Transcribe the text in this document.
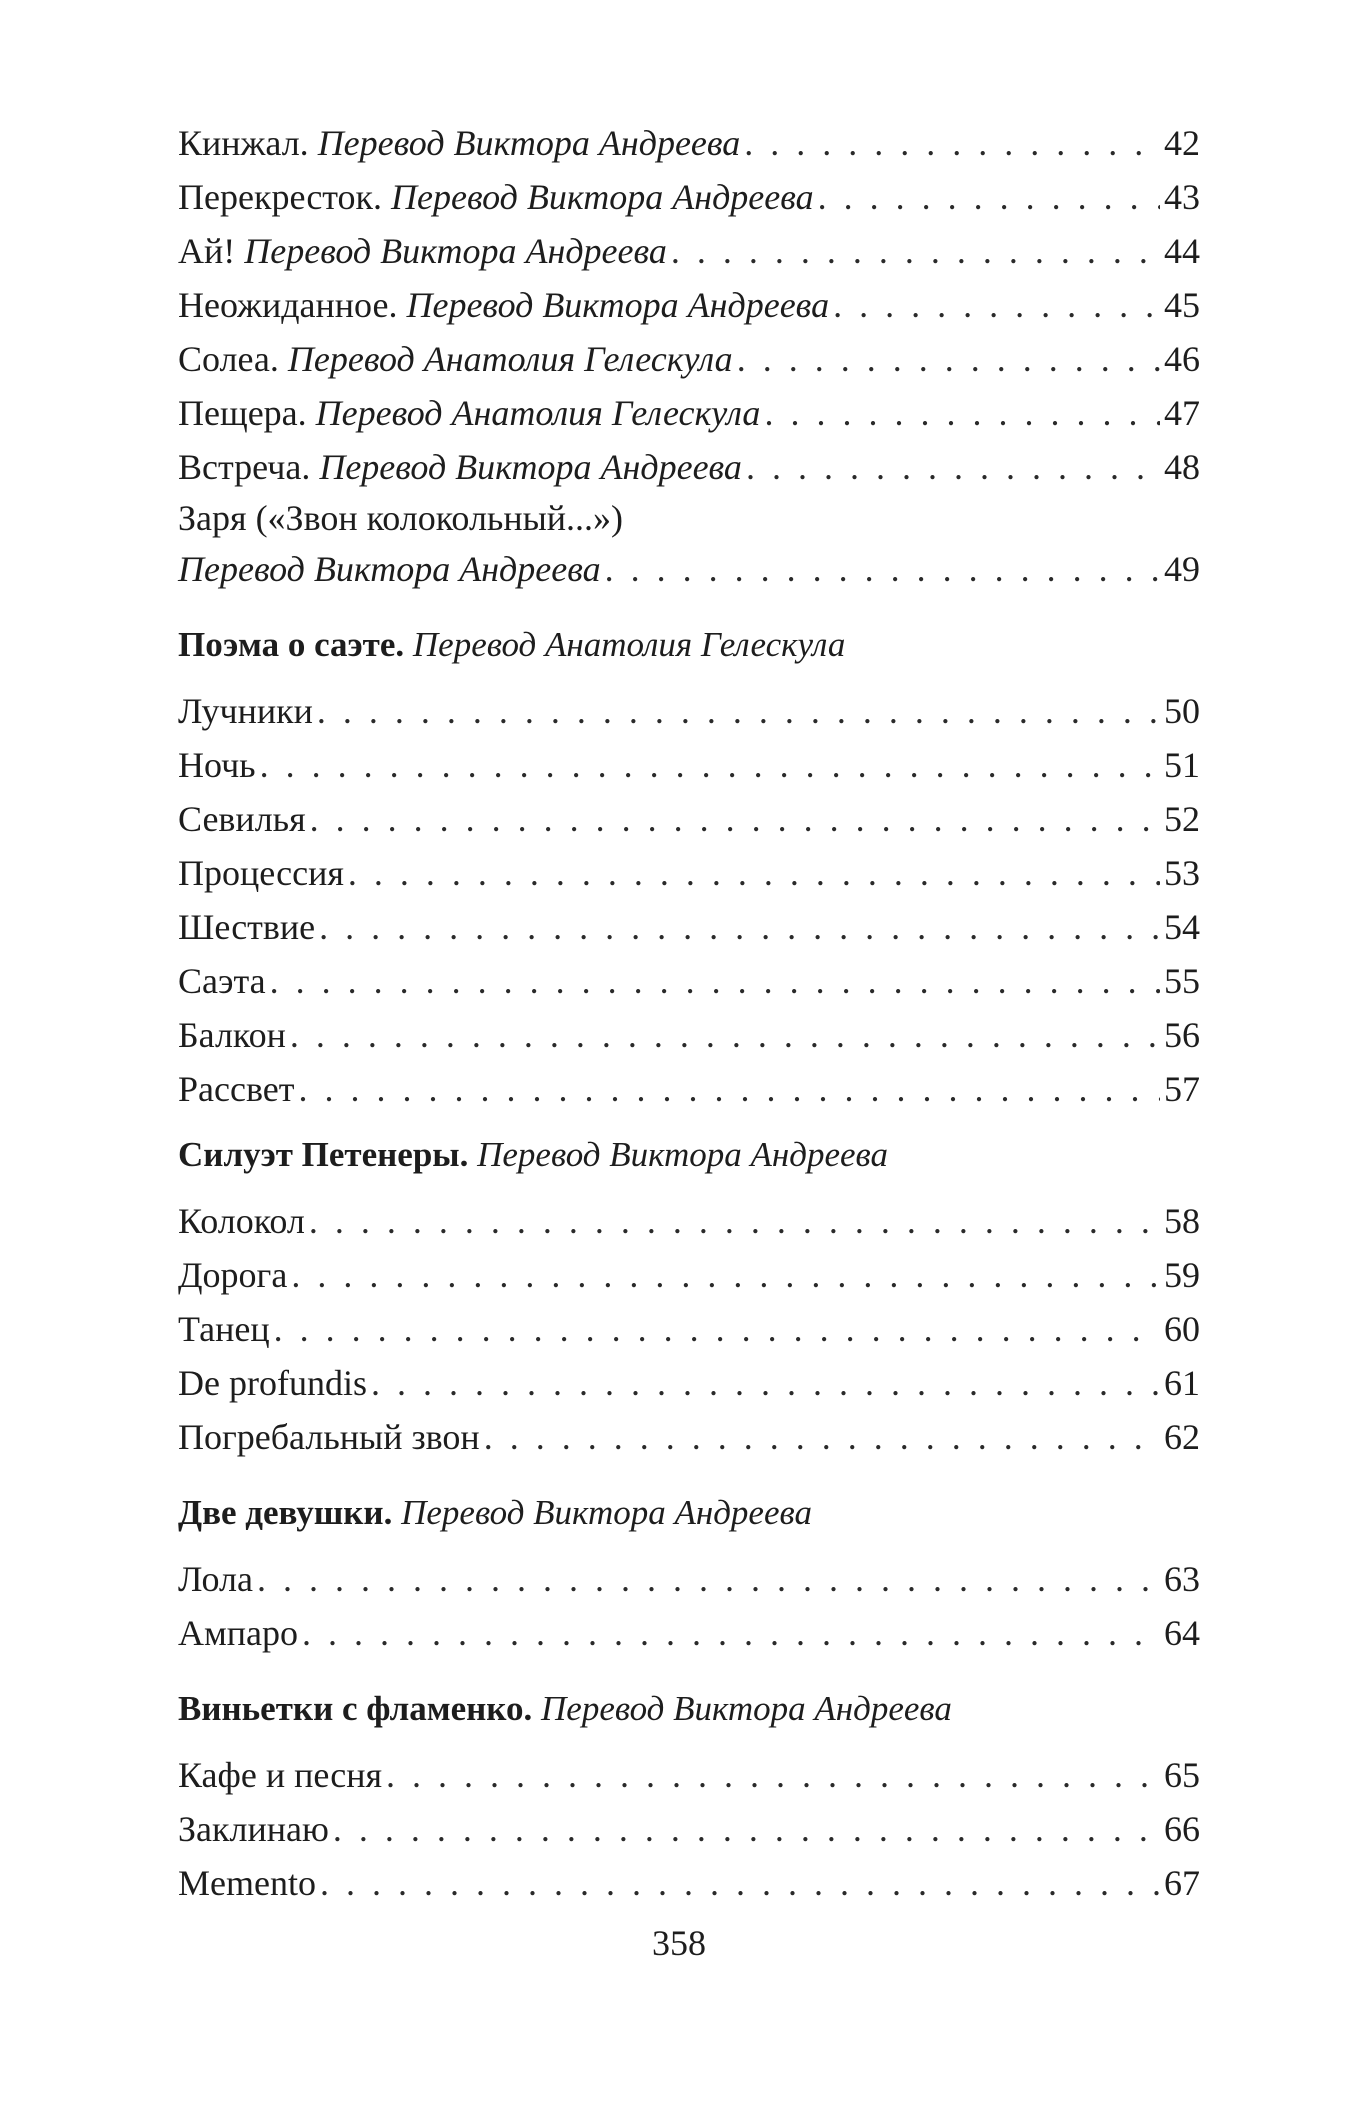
Кинжал. Перевод Виктора Андреева . . .	42
Перекресток. Перевод Виктора Андреева . . .	43
Ай! Перевод Виктора Андреева . . .	44
Неожиданное. Перевод Виктора Андреева . . .	45
Солеа. Перевод Анатолия Гелескула . . .	46
Пещера. Перевод Анатолия Гелескула . . .	47
Встреча. Перевод Виктора Андреева . . .	48
Заря («Звон колокольный...»)
Перевод Виктора Андреева . . .	49
Поэма о саэте. Перевод Анатолия Гелескула
Лучники . . .	50
Ночь . . .	51
Севилья . . .	52
Процессия . . .	53
Шествие . . .	54
Саэта . . .	55
Балкон . . .	56
Рассвет . . .	57
Силуэт Петенеры. Перевод Виктора Андреева
Колокол . . .	58
Дорога . . .	59
Танец . . .	60
De profundis . . .	61
Погребальный звон . . .	62
Две девушки. Перевод Виктора Андреева
Лола . . .	63
Ампаро . . .	64
Виньетки с фламенко. Перевод Виктора Андреева
Кафе и песня . . .	65
Заклинаю . . .	66
Memento . . .	67
358
